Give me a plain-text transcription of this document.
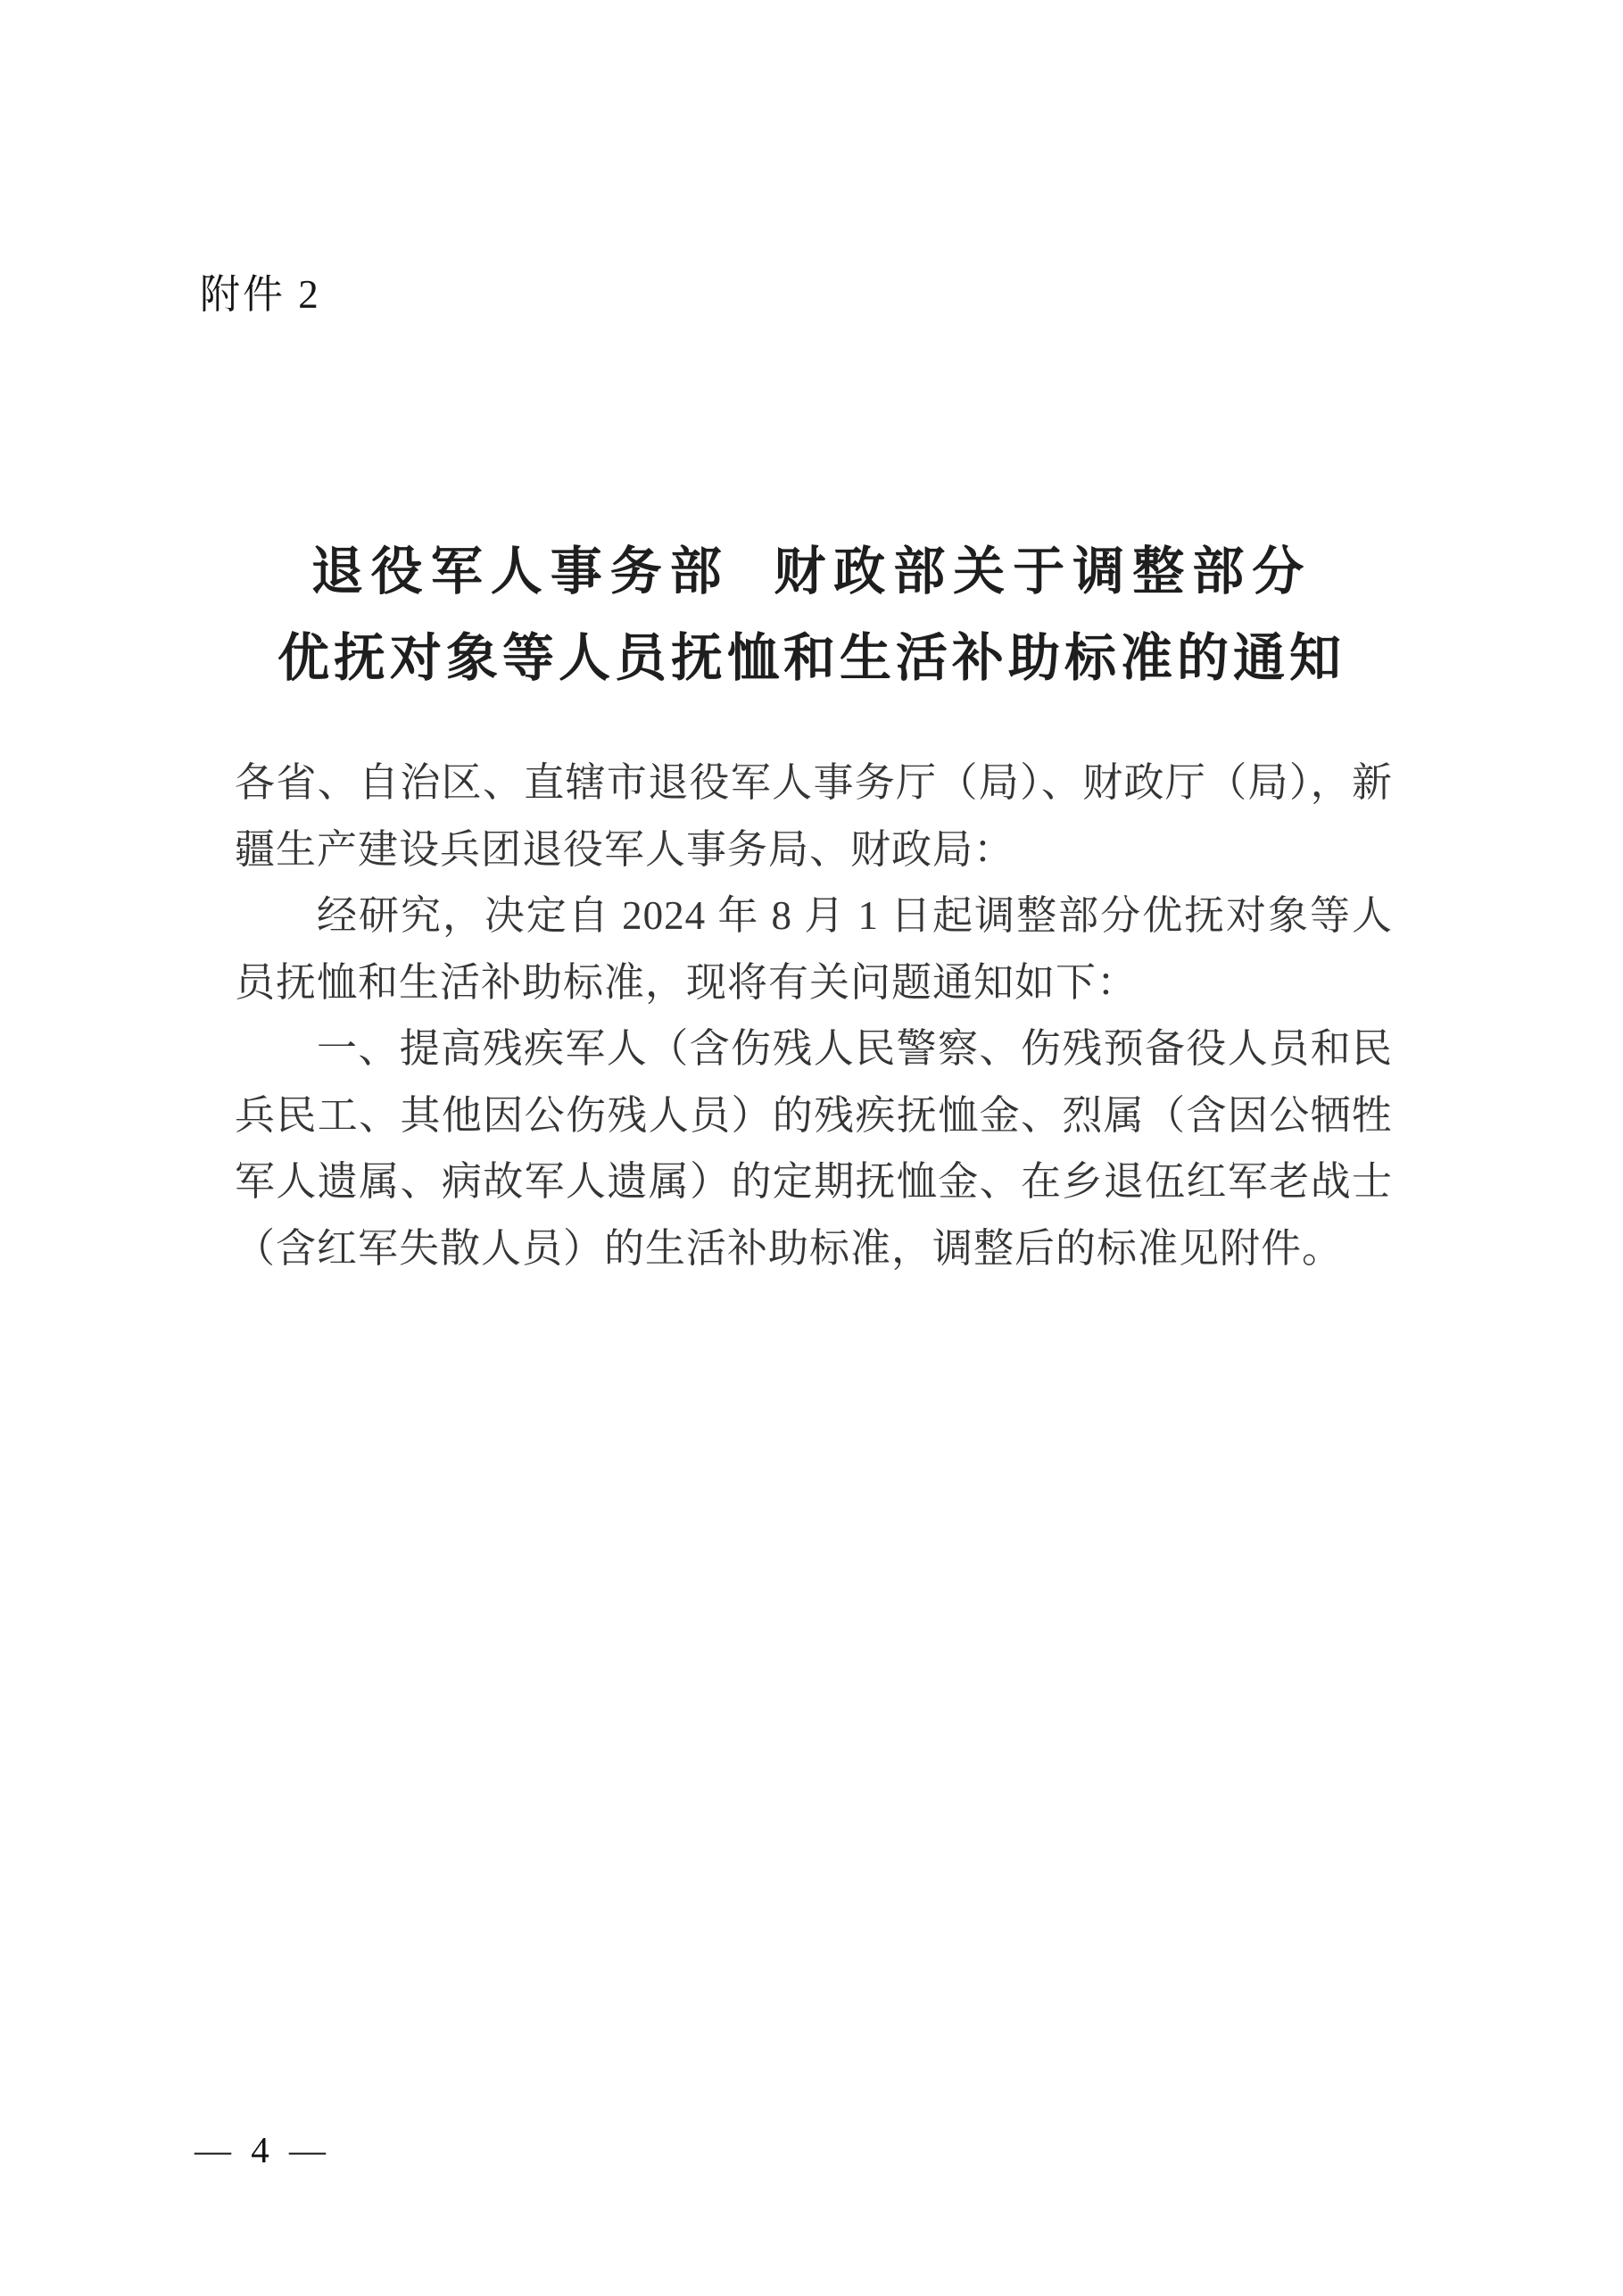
附件 2
退役军人事务部 财政部关于调整部分
优抚对象等人员抚恤和生活补助标准的通知
各省、自治区、直辖市退役军人事务厅（局）、财政厅（局），新
疆生产建设兵团退役军人事务局、财政局：
经研究，决定自 2024 年 8 月 1 日起调整部分优抚对象等人
员抚恤和生活补助标准，现将有关问题通知如下：
一、提高残疾军人（含伤残人民警察、伤残预备役人员和民
兵民工、其他因公伤残人员）的残疾抚恤金、烈属（含因公牺牲
军人遗属、病故军人遗属）的定期抚恤金、在乡退伍红军老战士
（含红军失散人员）的生活补助标准，调整后的标准见附件。
— 4 —
